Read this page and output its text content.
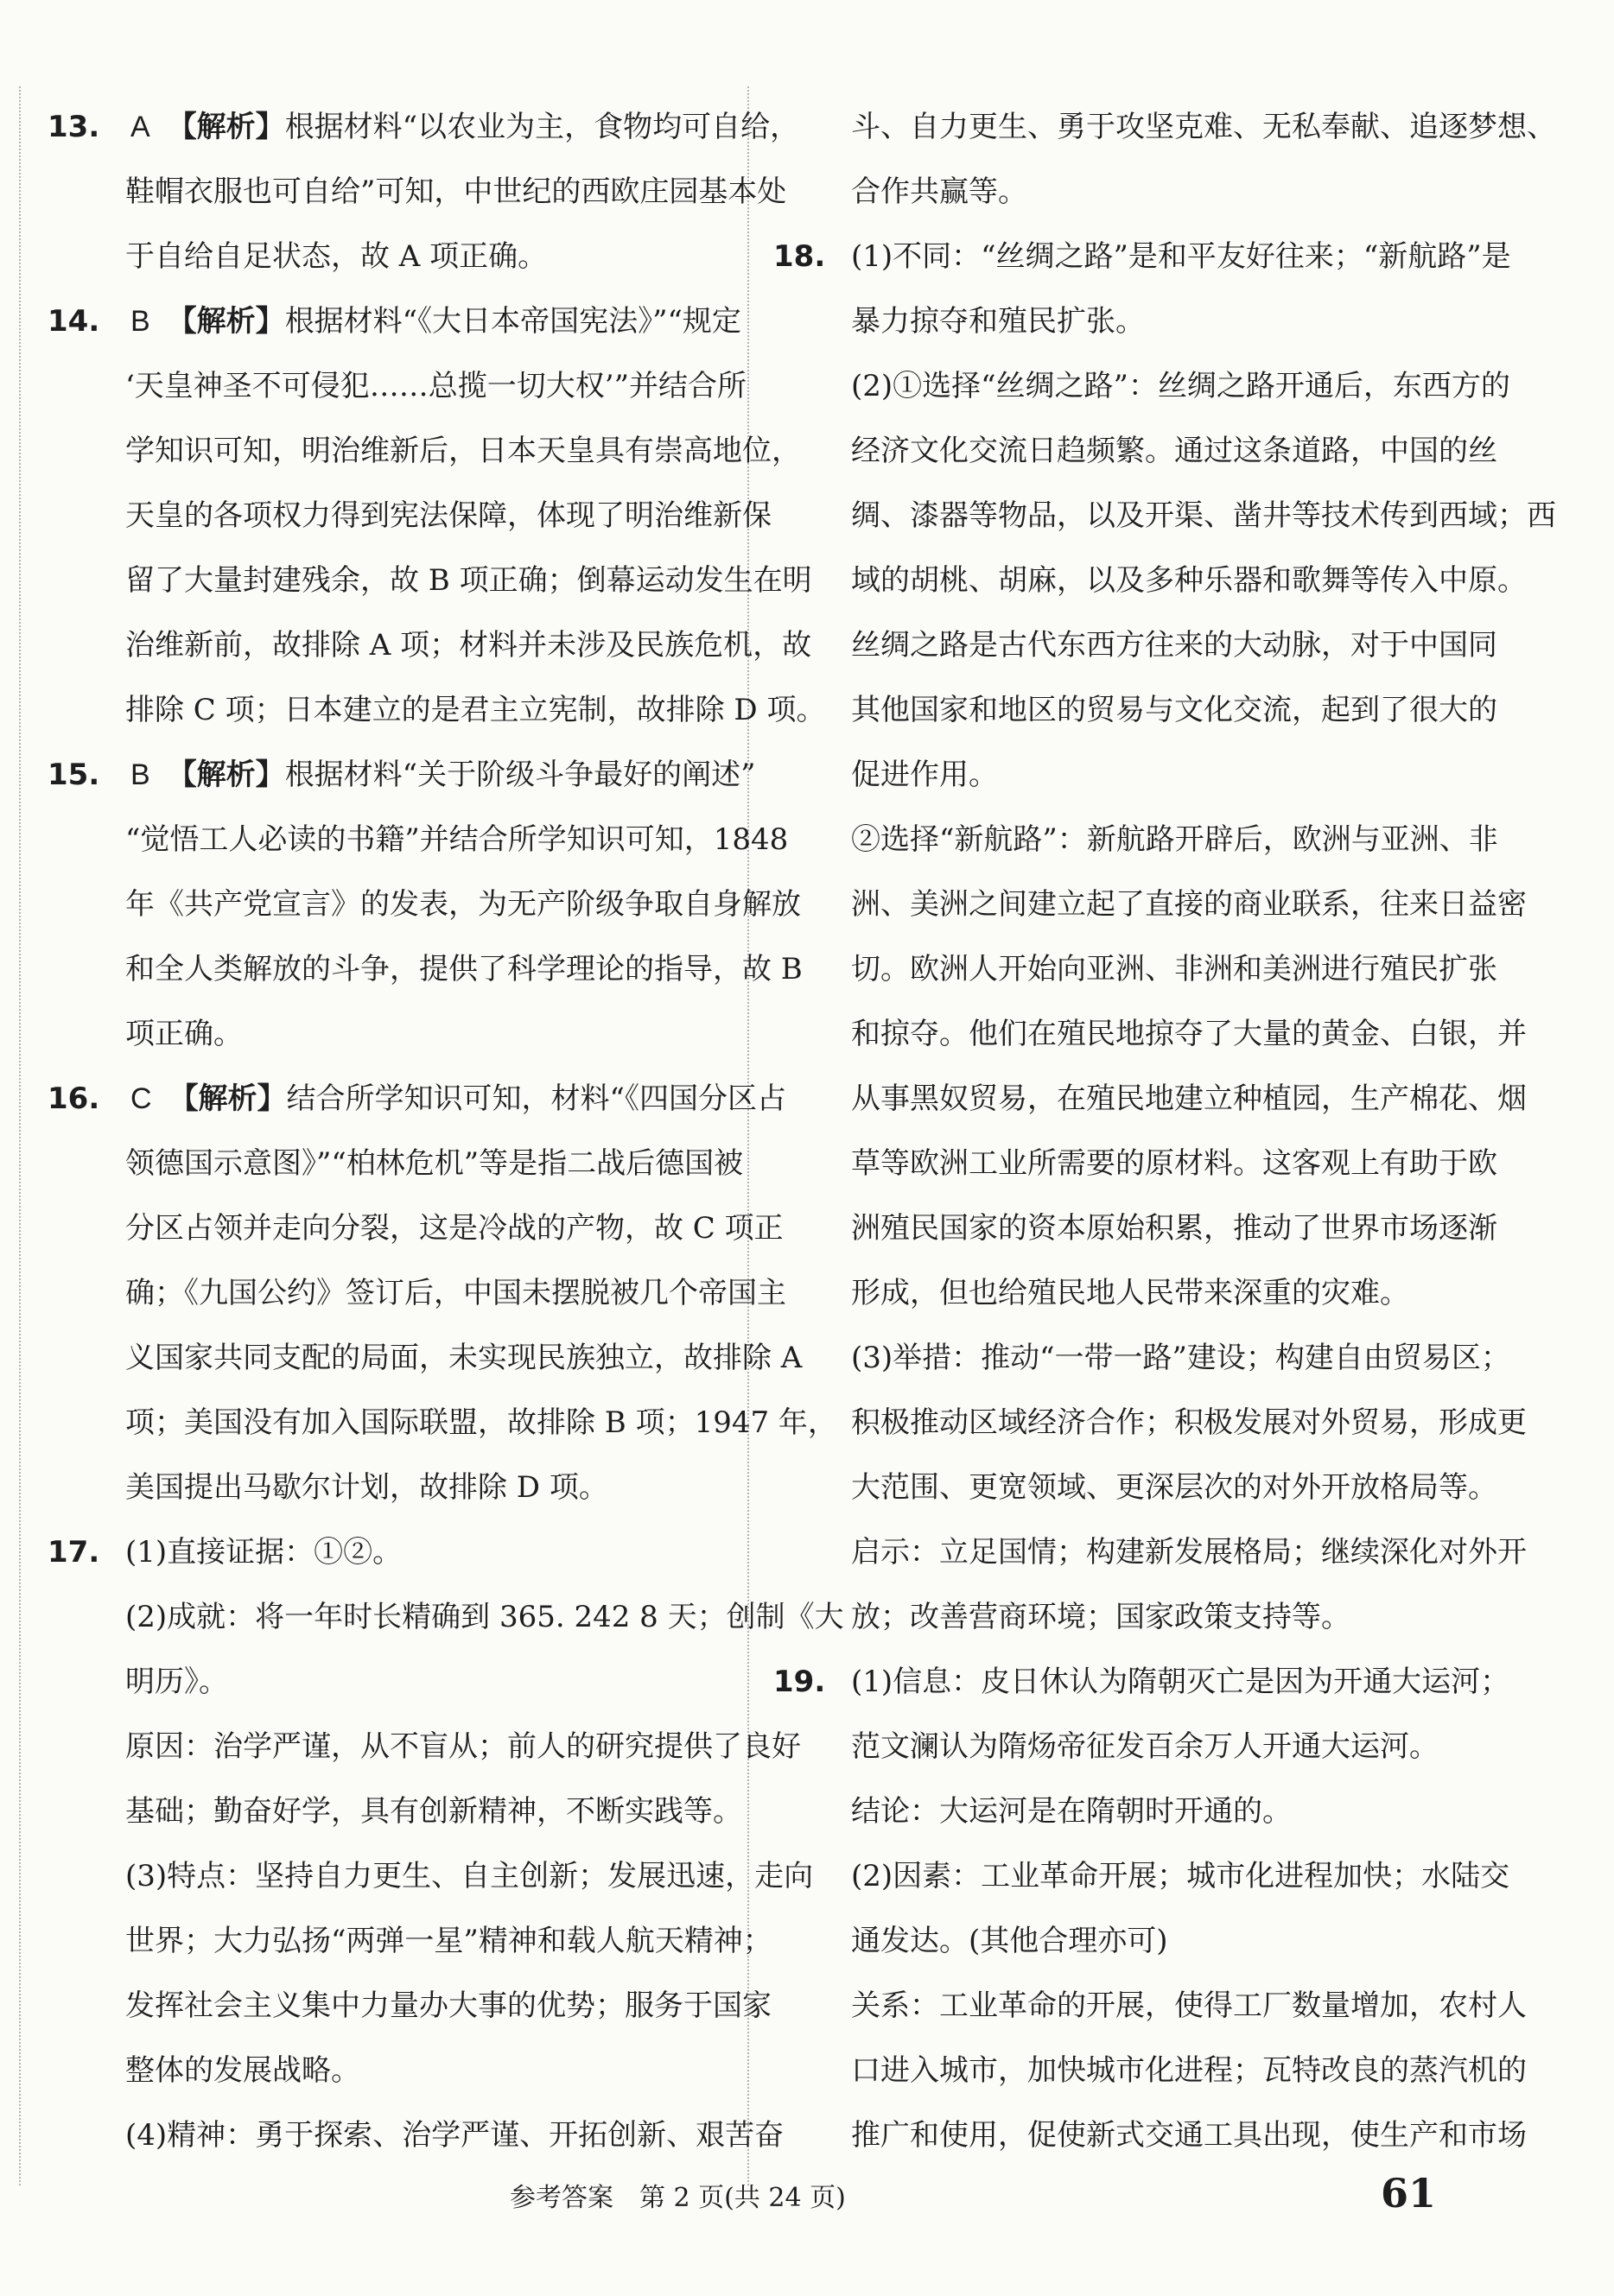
13. A 【解析】根据材料“以农业为主，食物均可自给，
鞋帽衣服也可自给”可知，中世纪的西欧庄园基本处
于自给自足状态，故 A 项正确。
14. B 【解析】根据材料“《大日本帝国宪法》”“规定
‘天皇神圣不可侵犯……总揽一切大权’”并结合所
学知识可知，明治维新后，日本天皇具有崇高地位，
天皇的各项权力得到宪法保障，体现了明治维新保
留了大量封建残余，故 B 项正确；倒幕运动发生在明
治维新前，故排除 A 项；材料并未涉及民族危机，故
排除 C 项；日本建立的是君主立宪制，故排除 D 项。
15. B 【解析】根据材料“关于阶级斗争最好的阐述”
“觉悟工人必读的书籍”并结合所学知识可知，1848
年《共产党宣言》的发表，为无产阶级争取自身解放
和全人类解放的斗争，提供了科学理论的指导，故 B
项正确。
16. C 【解析】结合所学知识可知，材料“《四国分区占
领德国示意图》”“柏林危机”等是指二战后德国被
分区占领并走向分裂，这是冷战的产物，故 C 项正
确；《九国公约》签订后，中国未摆脱被几个帝国主
义国家共同支配的局面，未实现民族独立，故排除 A
项；美国没有加入国际联盟，故排除 B 项；1947 年，
美国提出马歇尔计划，故排除 D 项。
17. (1)直接证据：①②。
(2)成就：将一年时长精确到 365. 242 8 天；创制《大
明历》。
原因：治学严谨，从不盲从；前人的研究提供了良好
基础；勤奋好学，具有创新精神，不断实践等。
(3)特点：坚持自力更生、自主创新；发展迅速，走向
世界；大力弘扬“两弹一星”精神和载人航天精神；
发挥社会主义集中力量办大事的优势；服务于国家
整体的发展战略。
(4)精神：勇于探索、治学严谨、开拓创新、艰苦奋
斗、自力更生、勇于攻坚克难、无私奉献、追逐梦想、
合作共赢等。
18. (1)不同：“丝绸之路”是和平友好往来；“新航路”是
暴力掠夺和殖民扩张。
(2)①选择“丝绸之路”：丝绸之路开通后，东西方的
经济文化交流日趋频繁。通过这条道路，中国的丝
绸、漆器等物品，以及开渠、凿井等技术传到西域；西
域的胡桃、胡麻，以及多种乐器和歌舞等传入中原。
丝绸之路是古代东西方往来的大动脉，对于中国同
其他国家和地区的贸易与文化交流，起到了很大的
促进作用。
②选择“新航路”：新航路开辟后，欧洲与亚洲、非
洲、美洲之间建立起了直接的商业联系，往来日益密
切。欧洲人开始向亚洲、非洲和美洲进行殖民扩张
和掠夺。他们在殖民地掠夺了大量的黄金、白银，并
从事黑奴贸易，在殖民地建立种植园，生产棉花、烟
草等欧洲工业所需要的原材料。这客观上有助于欧
洲殖民国家的资本原始积累，推动了世界市场逐渐
形成，但也给殖民地人民带来深重的灾难。
(3)举措：推动“一带一路”建设；构建自由贸易区；
积极推动区域经济合作；积极发展对外贸易，形成更
大范围、更宽领域、更深层次的对外开放格局等。
启示：立足国情；构建新发展格局；继续深化对外开
放；改善营商环境；国家政策支持等。
19. (1)信息：皮日休认为隋朝灭亡是因为开通大运河；
范文澜认为隋炀帝征发百余万人开通大运河。
结论：大运河是在隋朝时开通的。
(2)因素：工业革命开展；城市化进程加快；水陆交
通发达。(其他合理亦可)
关系：工业革命的开展，使得工厂数量增加，农村人
口进入城市，加快城市化进程；瓦特改良的蒸汽机的
推广和使用，促使新式交通工具出现，使生产和市场
参考答案　第 2 页(共 24 页)	61
